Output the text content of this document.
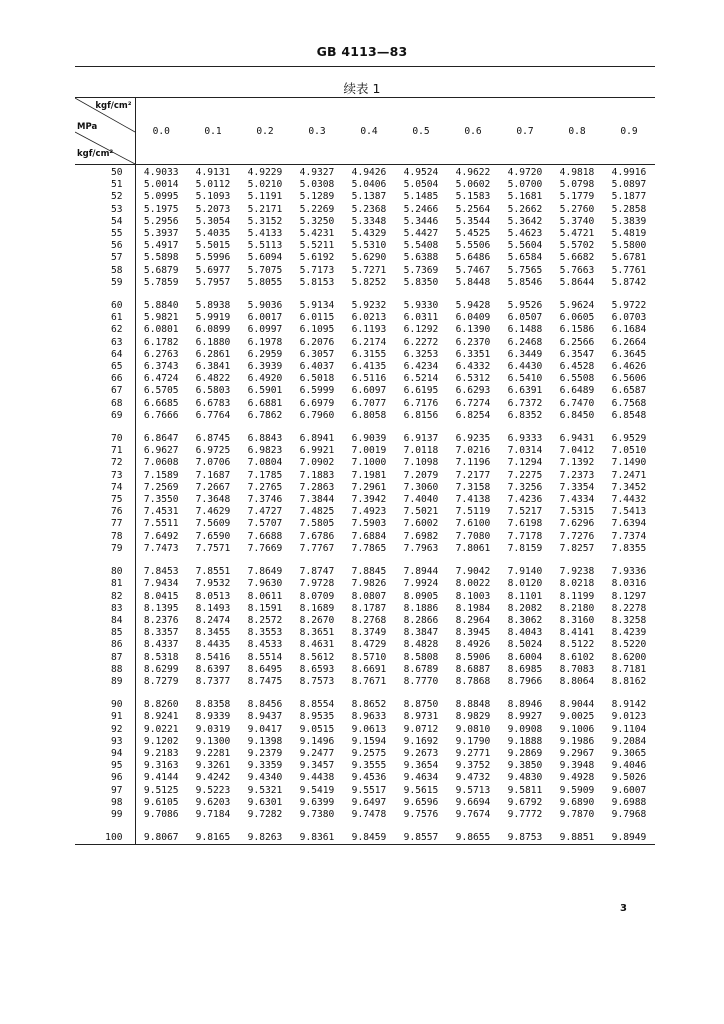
GB 4113—83
续表 1
kgf/cm²
MPa
kgf/cm²	0.0	0.1	0.2	0.3	0.4	0.5	0.6	0.7	0.8	0.9
50	4.9033	4.9131	4.9229	4.9327	4.9426	4.9524	4.9622	4.9720	4.9818	4.9916
51	5.0014	5.0112	5.0210	5.0308	5.0406	5.0504	5.0602	5.0700	5.0798	5.0897
52	5.0995	5.1093	5.1191	5.1289	5.1387	5.1485	5.1583	5.1681	5.1779	5.1877
53	5.1975	5.2073	5.2171	5.2269	5.2368	5.2466	5.2564	5.2662	5.2760	5.2858
54	5.2956	5.3054	5.3152	5.3250	5.3348	5.3446	5.3544	5.3642	5.3740	5.3839
55	5.3937	5.4035	5.4133	5.4231	5.4329	5.4427	5.4525	5.4623	5.4721	5.4819
56	5.4917	5.5015	5.5113	5.5211	5.5310	5.5408	5.5506	5.5604	5.5702	5.5800
57	5.5898	5.5996	5.6094	5.6192	5.6290	5.6388	5.6486	5.6584	5.6682	5.6781
58	5.6879	5.6977	5.7075	5.7173	5.7271	5.7369	5.7467	5.7565	5.7663	5.7761
59	5.7859	5.7957	5.8055	5.8153	5.8252	5.8350	5.8448	5.8546	5.8644	5.8742

60	5.8840	5.8938	5.9036	5.9134	5.9232	5.9330	5.9428	5.9526	5.9624	5.9722
61	5.9821	5.9919	6.0017	6.0115	6.0213	6.0311	6.0409	6.0507	6.0605	6.0703
62	6.0801	6.0899	6.0997	6.1095	6.1193	6.1292	6.1390	6.1488	6.1586	6.1684
63	6.1782	6.1880	6.1978	6.2076	6.2174	6.2272	6.2370	6.2468	6.2566	6.2664
64	6.2763	6.2861	6.2959	6.3057	6.3155	6.3253	6.3351	6.3449	6.3547	6.3645
65	6.3743	6.3841	6.3939	6.4037	6.4135	6.4234	6.4332	6.4430	6.4528	6.4626
66	6.4724	6.4822	6.4920	6.5018	6.5116	6.5214	6.5312	6.5410	6.5508	6.5606
67	6.5705	6.5803	6.5901	6.5999	6.6097	6.6195	6.6293	6.6391	6.6489	6.6587
68	6.6685	6.6783	6.6881	6.6979	6.7077	6.7176	6.7274	6.7372	6.7470	6.7568
69	6.7666	6.7764	6.7862	6.7960	6.8058	6.8156	6.8254	6.8352	6.8450	6.8548

70	6.8647	6.8745	6.8843	6.8941	6.9039	6.9137	6.9235	6.9333	6.9431	6.9529
71	6.9627	6.9725	6.9823	6.9921	7.0019	7.0118	7.0216	7.0314	7.0412	7.0510
72	7.0608	7.0706	7.0804	7.0902	7.1000	7.1098	7.1196	7.1294	7.1392	7.1490
73	7.1589	7.1687	7.1785	7.1883	7.1981	7.2079	7.2177	7.2275	7.2373	7.2471
74	7.2569	7.2667	7.2765	7.2863	7.2961	7.3060	7.3158	7.3256	7.3354	7.3452
75	7.3550	7.3648	7.3746	7.3844	7.3942	7.4040	7.4138	7.4236	7.4334	7.4432
76	7.4531	7.4629	7.4727	7.4825	7.4923	7.5021	7.5119	7.5217	7.5315	7.5413
77	7.5511	7.5609	7.5707	7.5805	7.5903	7.6002	7.6100	7.6198	7.6296	7.6394
78	7.6492	7.6590	7.6688	7.6786	7.6884	7.6982	7.7080	7.7178	7.7276	7.7374
79	7.7473	7.7571	7.7669	7.7767	7.7865	7.7963	7.8061	7.8159	7.8257	7.8355

80	7.8453	7.8551	7.8649	7.8747	7.8845	7.8944	7.9042	7.9140	7.9238	7.9336
81	7.9434	7.9532	7.9630	7.9728	7.9826	7.9924	8.0022	8.0120	8.0218	8.0316
82	8.0415	8.0513	8.0611	8.0709	8.0807	8.0905	8.1003	8.1101	8.1199	8.1297
83	8.1395	8.1493	8.1591	8.1689	8.1787	8.1886	8.1984	8.2082	8.2180	8.2278
84	8.2376	8.2474	8.2572	8.2670	8.2768	8.2866	8.2964	8.3062	8.3160	8.3258
85	8.3357	8.3455	8.3553	8.3651	8.3749	8.3847	8.3945	8.4043	8.4141	8.4239
86	8.4337	8.4435	8.4533	8.4631	8.4729	8.4828	8.4926	8.5024	8.5122	8.5220
87	8.5318	8.5416	8.5514	8.5612	8.5710	8.5808	8.5906	8.6004	8.6102	8.6200
88	8.6299	8.6397	8.6495	8.6593	8.6691	8.6789	8.6887	8.6985	8.7083	8.7181
89	8.7279	8.7377	8.7475	8.7573	8.7671	8.7770	8.7868	8.7966	8.8064	8.8162

90	8.8260	8.8358	8.8456	8.8554	8.8652	8.8750	8.8848	8.8946	8.9044	8.9142
91	8.9241	8.9339	8.9437	8.9535	8.9633	8.9731	8.9829	8.9927	9.0025	9.0123
92	9.0221	9.0319	9.0417	9.0515	9.0613	9.0712	9.0810	9.0908	9.1006	9.1104
93	9.1202	9.1300	9.1398	9.1496	9.1594	9.1692	9.1790	9.1888	9.1986	9.2084
94	9.2183	9.2281	9.2379	9.2477	9.2575	9.2673	9.2771	9.2869	9.2967	9.3065
95	9.3163	9.3261	9.3359	9.3457	9.3555	9.3654	9.3752	9.3850	9.3948	9.4046
96	9.4144	9.4242	9.4340	9.4438	9.4536	9.4634	9.4732	9.4830	9.4928	9.5026
97	9.5125	9.5223	9.5321	9.5419	9.5517	9.5615	9.5713	9.5811	9.5909	9.6007
98	9.6105	9.6203	9.6301	9.6399	9.6497	9.6596	9.6694	9.6792	9.6890	9.6988
99	9.7086	9.7184	9.7282	9.7380	9.7478	9.7576	9.7674	9.7772	9.7870	9.7968

100	9.8067	9.8165	9.8263	9.8361	9.8459	9.8557	9.8655	9.8753	9.8851	9.8949
3
